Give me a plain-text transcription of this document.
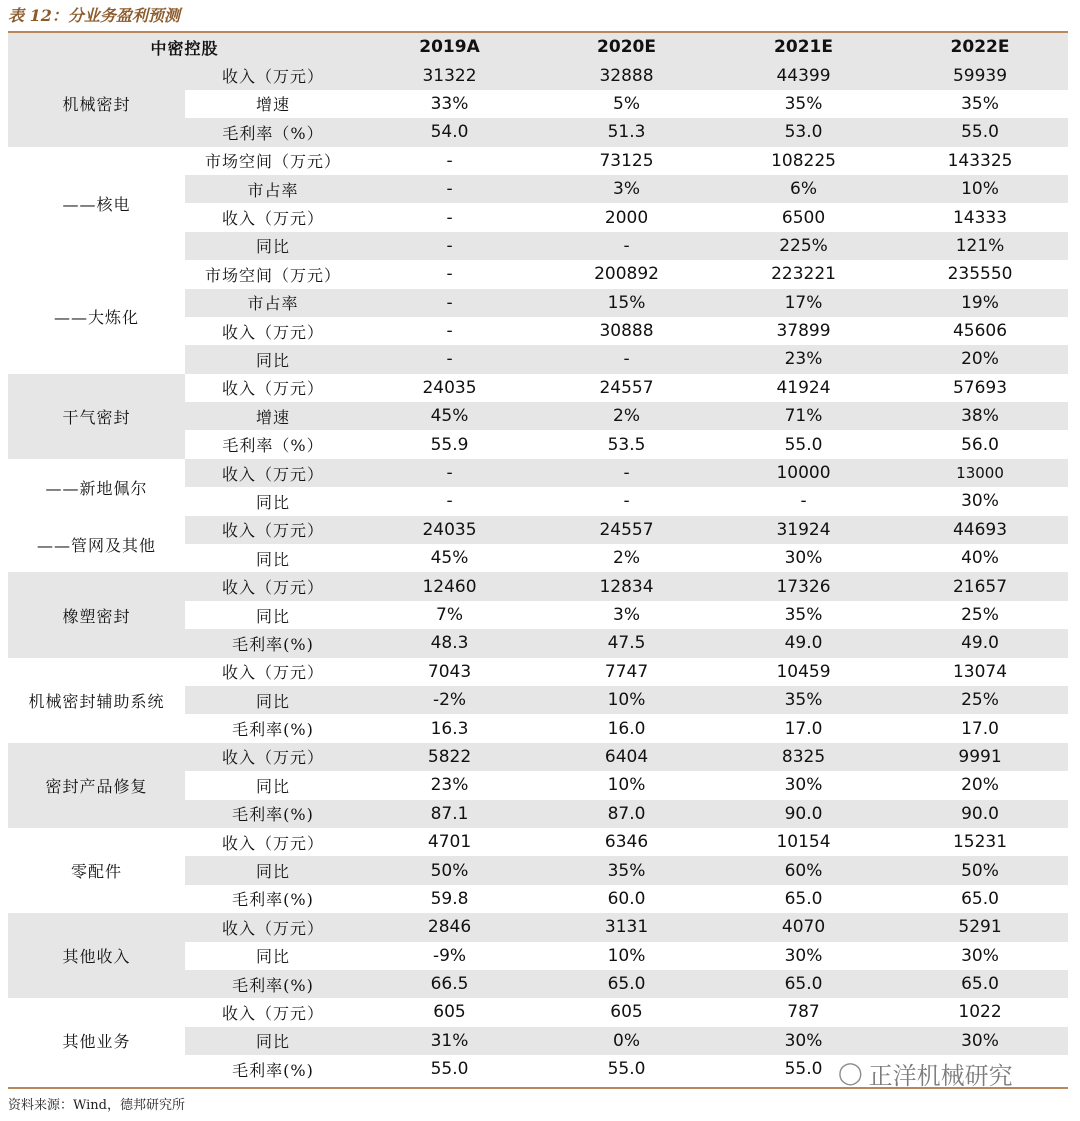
表 12：分业务盈利预测
中密控股		2019A	2020E	2021E	2022E
机械密封	收入（万元）	31322	32888	44399	59939
	增速	33%	5%	35%	35%
	毛利率（%）	54.0	51.3	53.0	55.0
——核电	市场空间（万元）	-	73125	108225	143325
	市占率	-	3%	6%	10%
	收入（万元）	-	2000	6500	14333
	同比	-	-	225%	121%
——大炼化	市场空间（万元）	-	200892	223221	235550
	市占率	-	15%	17%	19%
	收入（万元）	-	30888	37899	45606
	同比	-	-	23%	20%
干气密封	收入（万元）	24035	24557	41924	57693
	增速	45%	2%	71%	38%
	毛利率（%）	55.9	53.5	55.0	56.0
——新地佩尔	收入（万元）	-	-	10000	13000
	同比	-	-	-	30%
——管网及其他	收入（万元）	24035	24557	31924	44693
	同比	45%	2%	30%	40%
橡塑密封	收入（万元）	12460	12834	17326	21657
	同比	7%	3%	35%	25%
	毛利率(%)	48.3	47.5	49.0	49.0
机械密封辅助系统	收入（万元）	7043	7747	10459	13074
	同比	-2%	10%	35%	25%
	毛利率(%)	16.3	16.0	17.0	17.0
密封产品修复	收入（万元）	5822	6404	8325	9991
	同比	23%	10%	30%	20%
	毛利率(%)	87.1	87.0	90.0	90.0
零配件	收入（万元）	4701	6346	10154	15231
	同比	50%	35%	60%	50%
	毛利率(%)	59.8	60.0	65.0	65.0
其他收入	收入（万元）	2846	3131	4070	5291
	同比	-9%	10%	30%	30%
	毛利率(%)	66.5	65.0	65.0	65.0
其他业务	收入（万元）	605	605	787	1022
	同比	31%	0%	30%	30%
	毛利率(%)	55.0	55.0	55.0	
资料来源：Wind，德邦研究所
◯ 正洋机械研究
